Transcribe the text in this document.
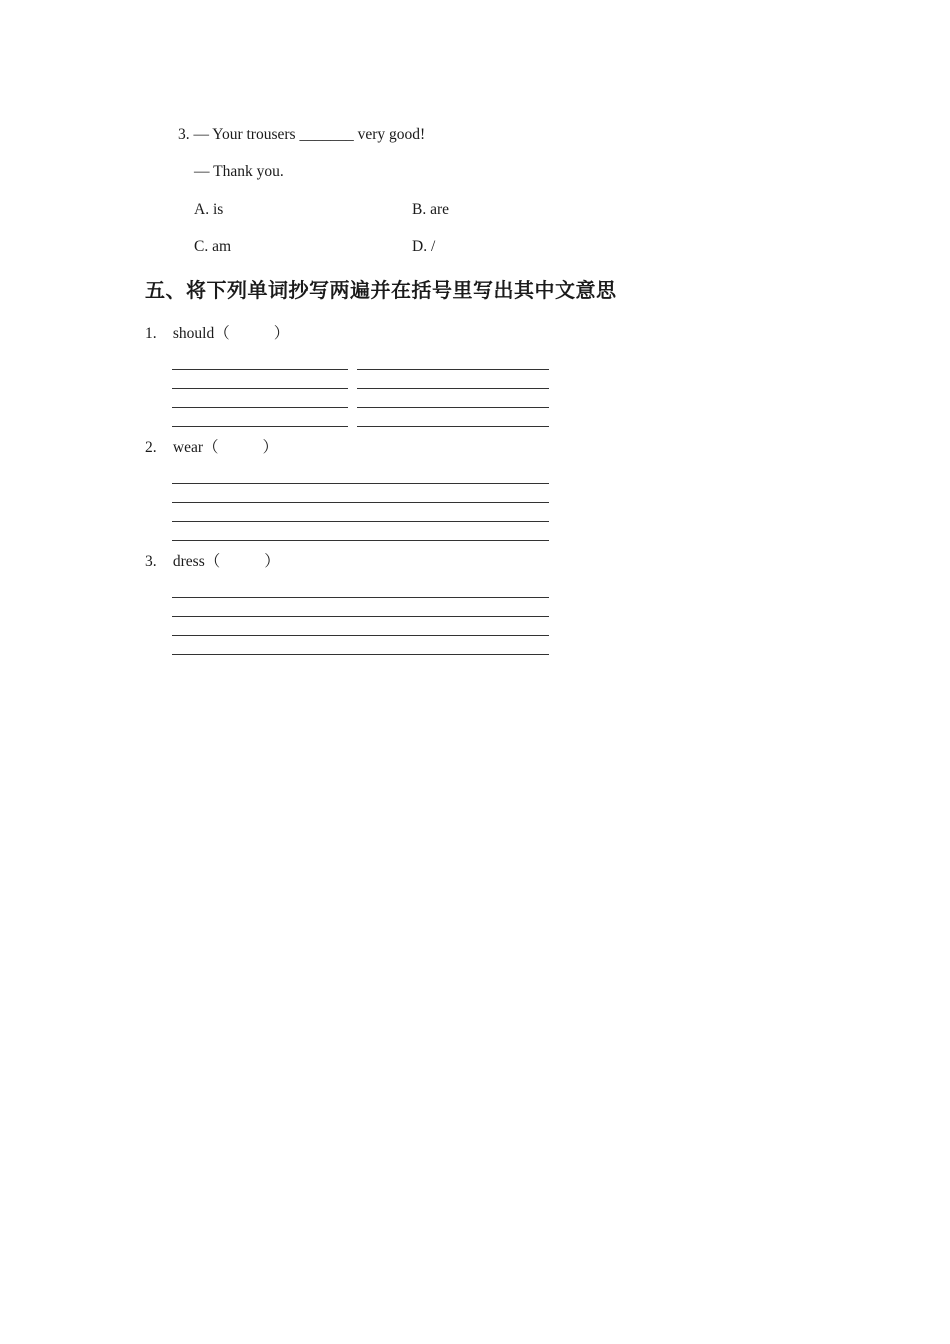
3. — Your trousers _______ very good!
— Thank you.
A. is	B. are
C. am	D. /
五、将下列单词抄写两遍并在括号里写出其中文意思
1. should（	）
2. wear（	）
3. dress（	）
